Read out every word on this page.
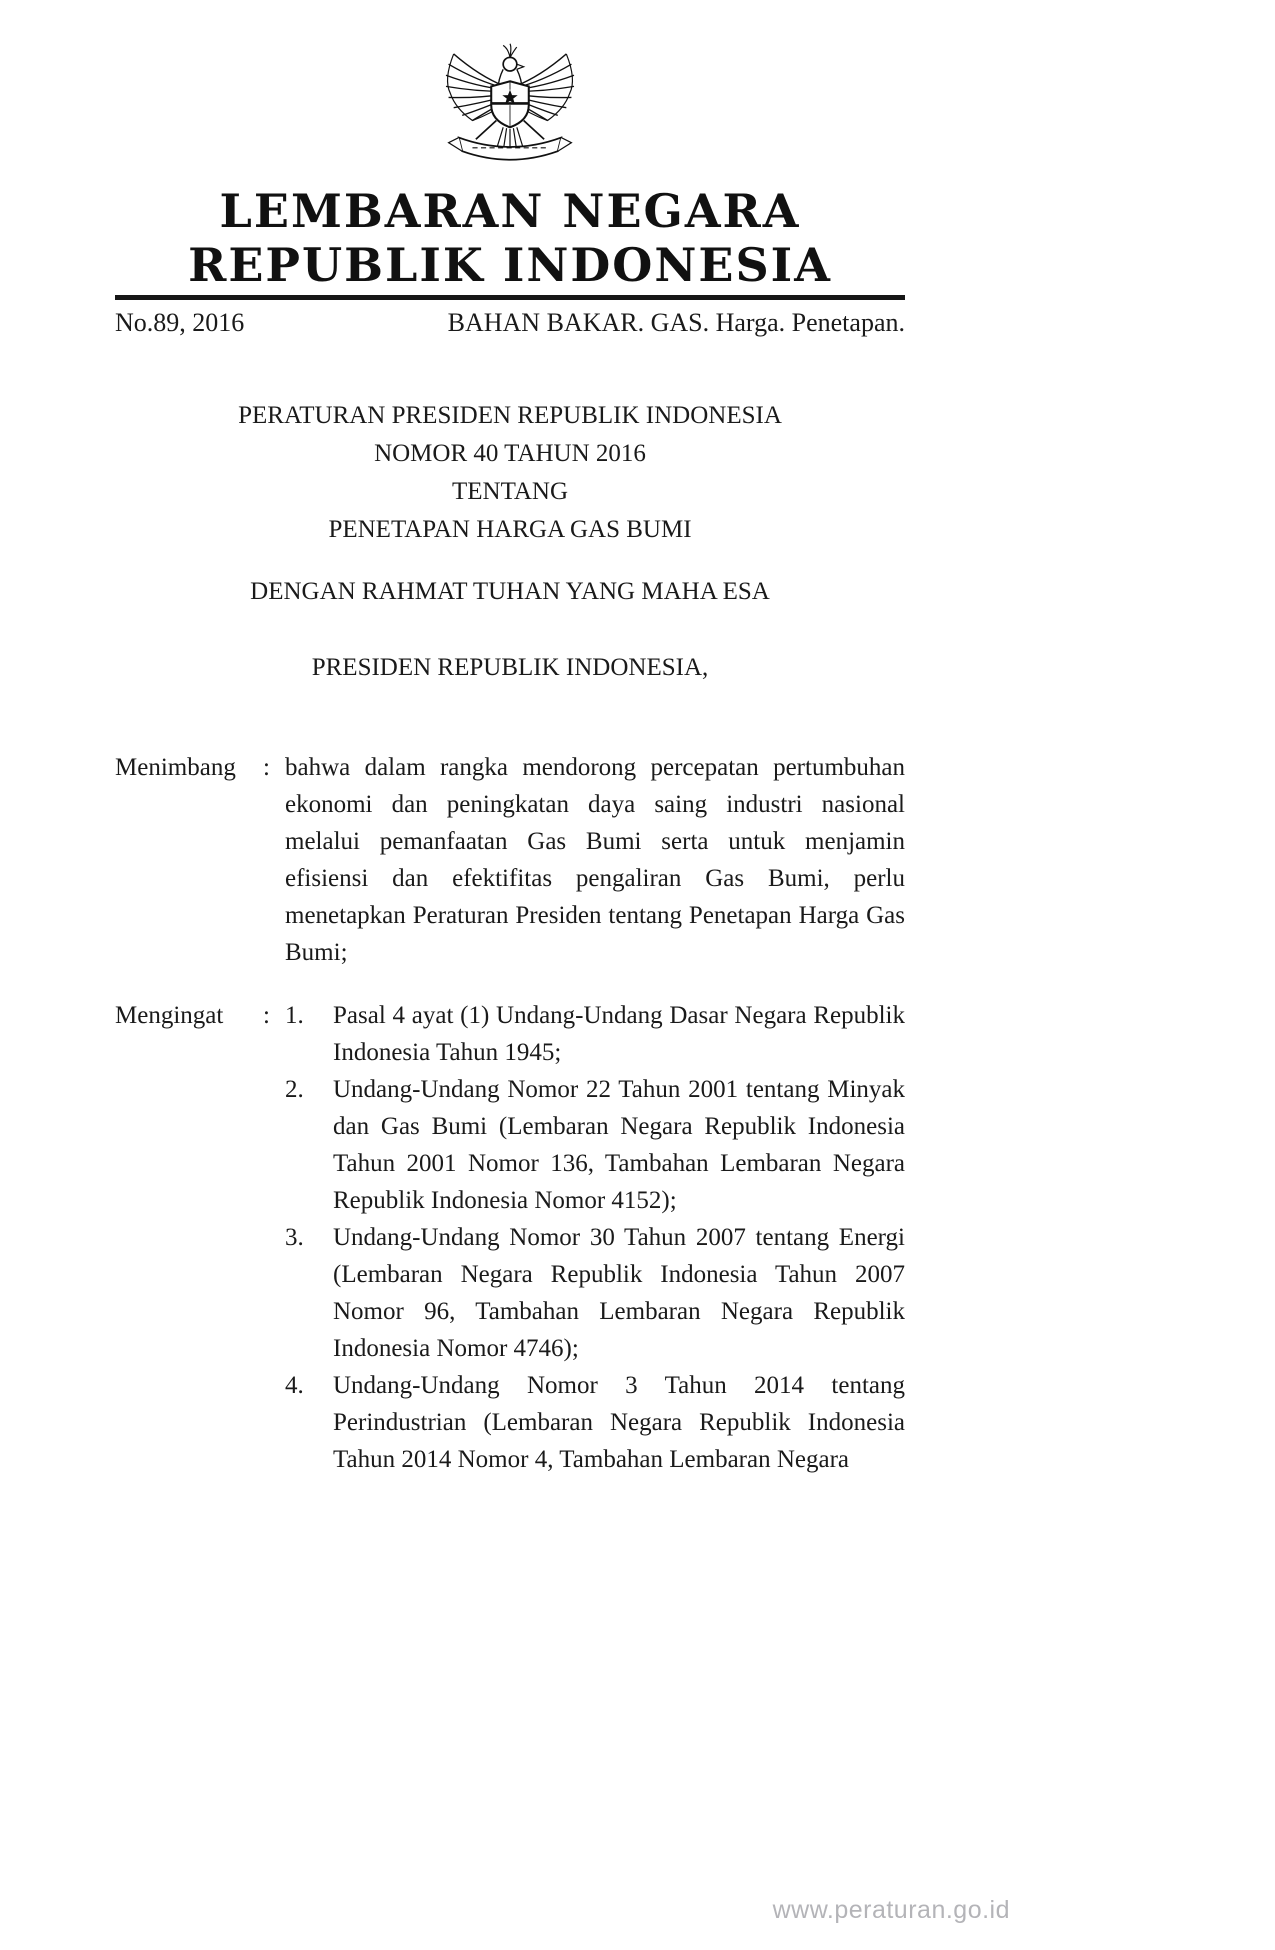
LEMBARAN NEGARA
REPUBLIK INDONESIA
No.89, 2016	BAHAN BAKAR. GAS. Harga. Penetapan.
PERATURAN PRESIDEN REPUBLIK INDONESIA
NOMOR 40 TAHUN 2016
TENTANG
PENETAPAN HARGA GAS BUMI
DENGAN RAHMAT TUHAN YANG MAHA ESA
PRESIDEN REPUBLIK INDONESIA,
Menimbang	: bahwa dalam rangka mendorong percepatan pertumbuhan ekonomi dan peningkatan daya saing industri nasional melalui pemanfaatan Gas Bumi serta untuk menjamin efisiensi dan efektifitas pengaliran Gas Bumi, perlu menetapkan Peraturan Presiden tentang Penetapan Harga Gas Bumi;
Mengingat	: 1.	Pasal 4 ayat (1) Undang-Undang Dasar Negara Republik Indonesia Tahun 1945;
2.	Undang-Undang Nomor 22 Tahun 2001 tentang Minyak dan Gas Bumi (Lembaran Negara Republik Indonesia Tahun 2001 Nomor 136, Tambahan Lembaran Negara Republik Indonesia Nomor 4152);
3.	Undang-Undang Nomor 30 Tahun 2007 tentang Energi (Lembaran Negara Republik Indonesia Tahun 2007 Nomor 96, Tambahan Lembaran Negara Republik Indonesia Nomor 4746);
4.	Undang-Undang Nomor 3 Tahun 2014 tentang Perindustrian (Lembaran Negara Republik Indonesia Tahun 2014 Nomor 4, Tambahan Lembaran Negara
www.peraturan.go.id
